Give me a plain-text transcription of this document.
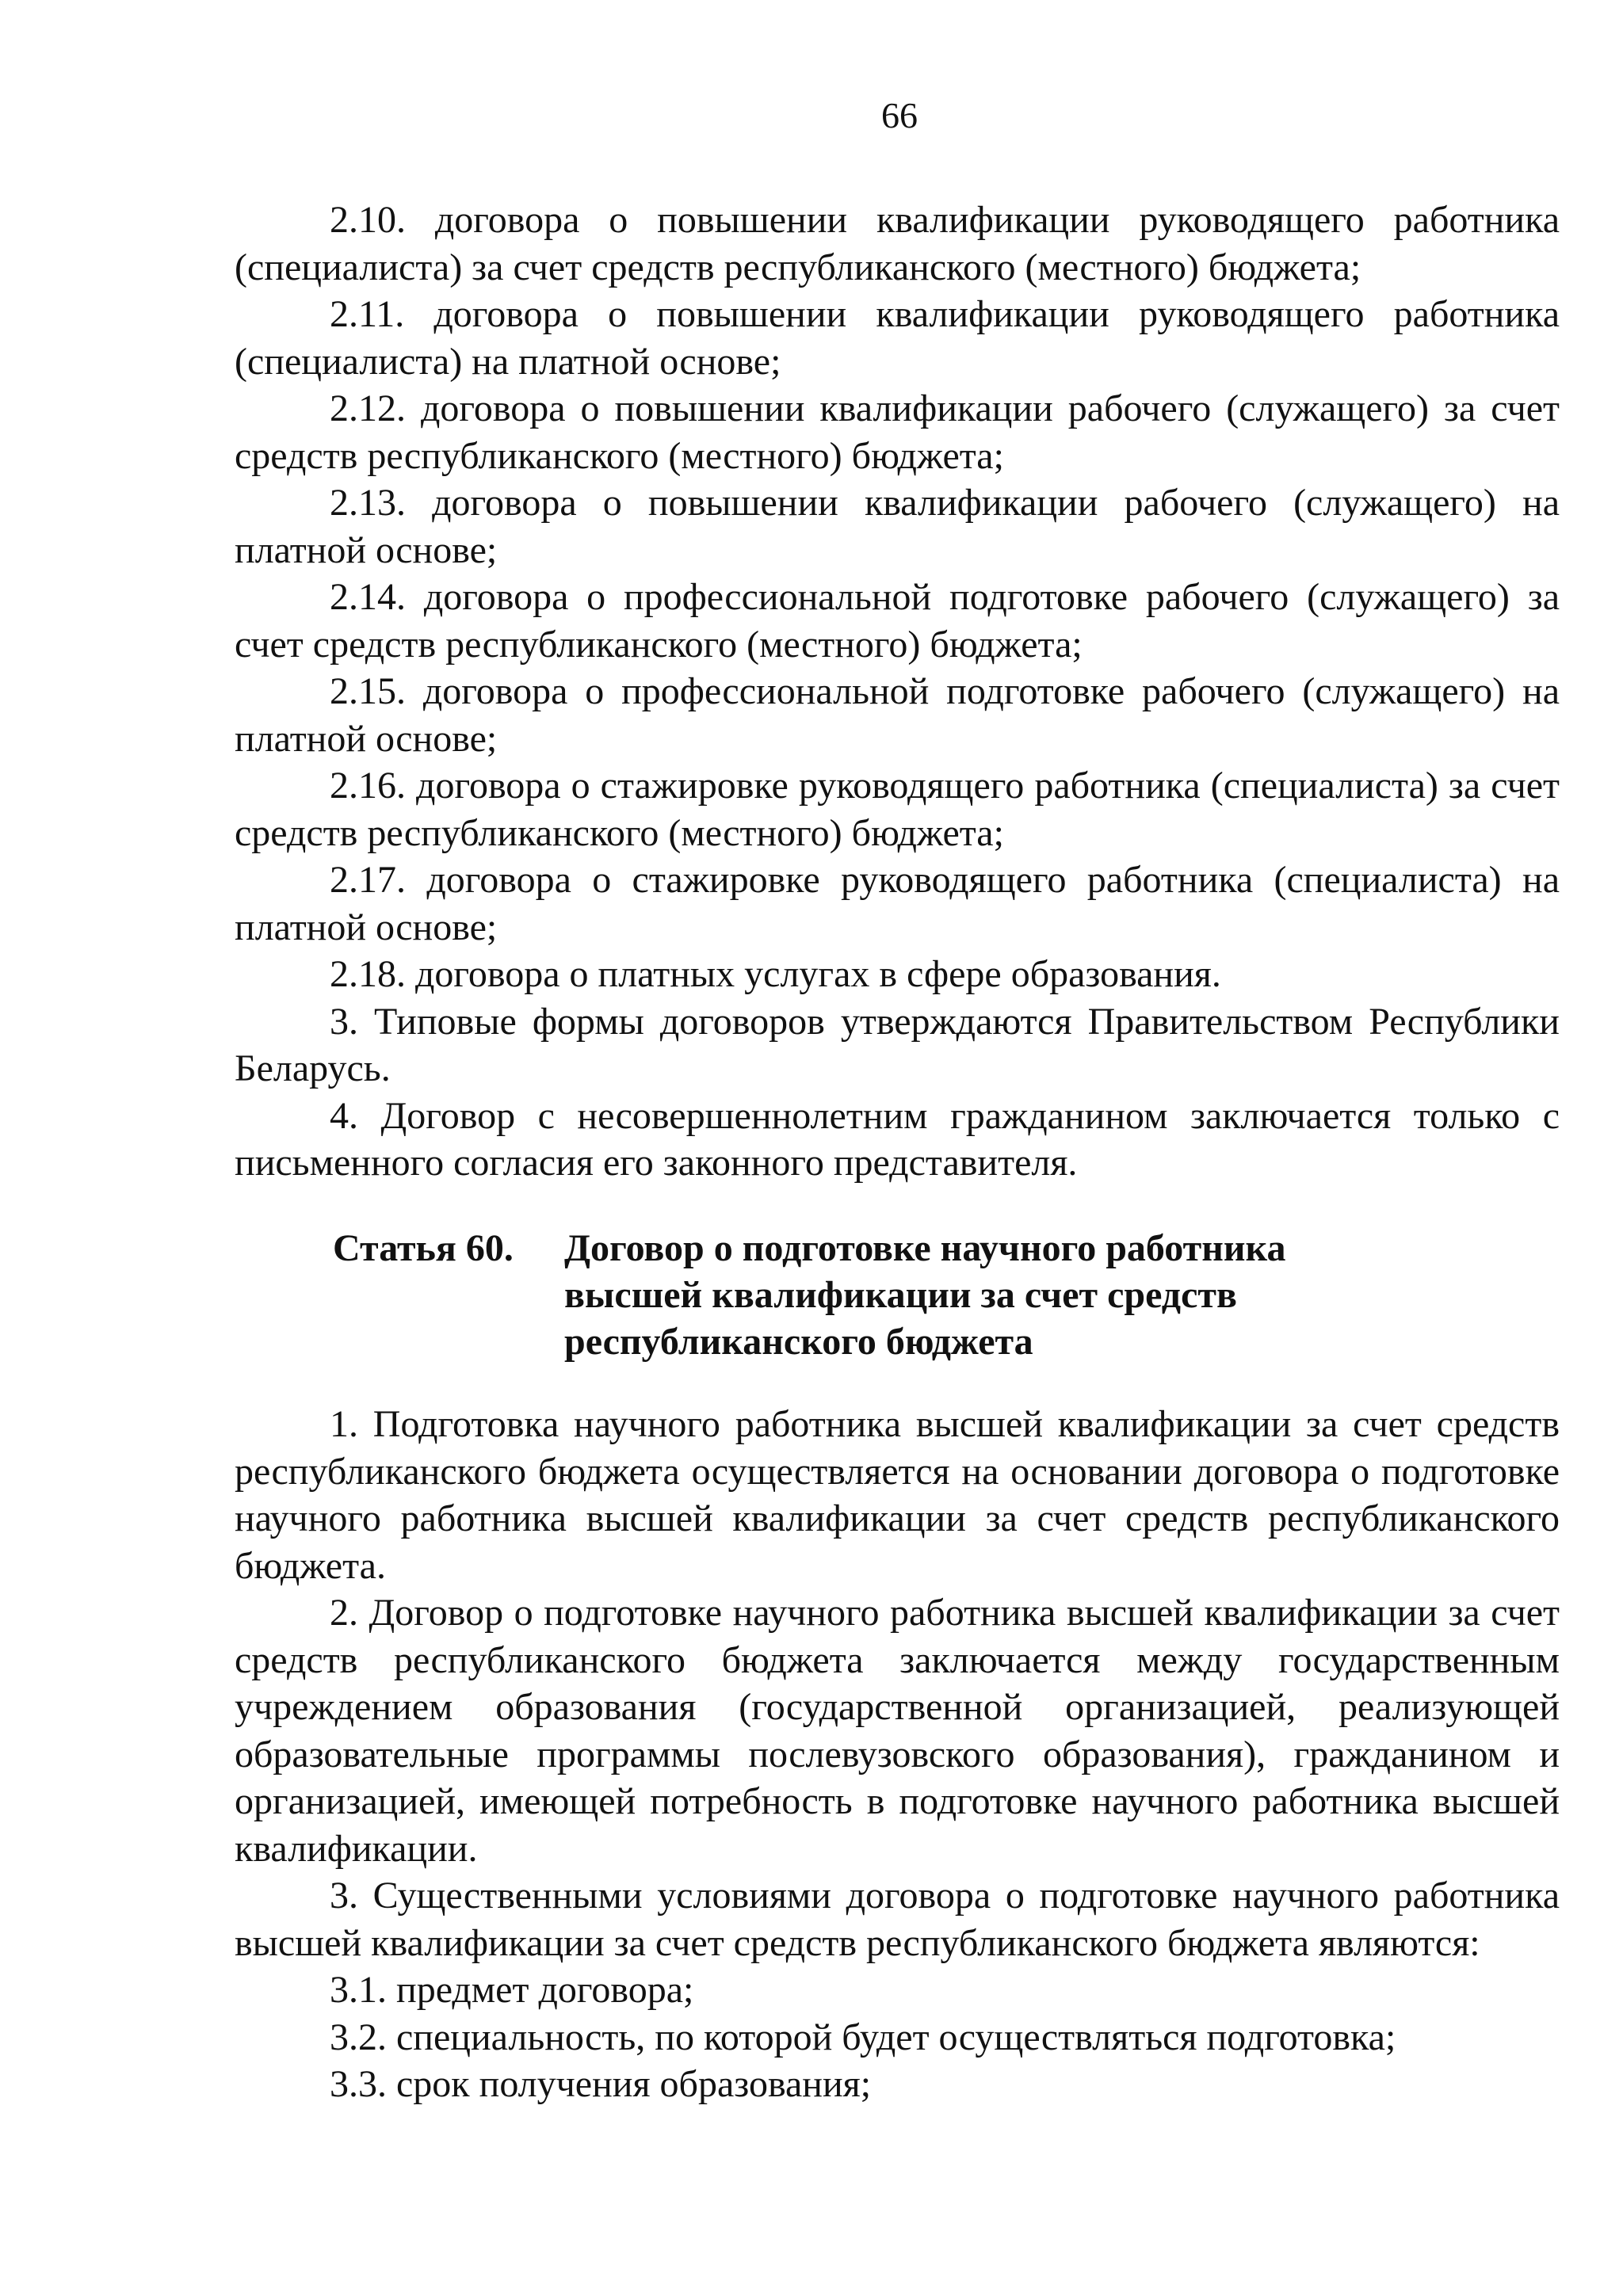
66

2.10. договора о повышении квалификации руководящего работника (специалиста) за счет средств республиканского (местного) бюджета;

2.11. договора о повышении квалификации руководящего работника (специалиста) на платной основе;

2.12. договора о повышении квалификации рабочего (служащего) за счет средств республиканского (местного) бюджета;

2.13. договора о повышении квалификации рабочего (служащего) на платной основе;

2.14. договора о профессиональной подготовке рабочего (служащего) за счет средств республиканского (местного) бюджета;

2.15. договора о профессиональной подготовке рабочего (служащего) на платной основе;

2.16. договора о стажировке руководящего работника (специалиста) за счет средств республиканского (местного) бюджета;

2.17. договора о стажировке руководящего работника (специалиста) на платной основе;

2.18. договора о платных услугах в сфере образования.

3. Типовые формы договоров утверждаются Правительством Республики Беларусь.

4. Договор с несовершеннолетним гражданином заключается только с письменного согласия его законного представителя.

Статья 60. Договор о подготовке научного работника
высшей квалификации за счет средств
республиканского бюджета

1. Подготовка научного работника высшей квалификации за счет средств республиканского бюджета осуществляется на основании договора о подготовке научного работника высшей квалификации за счет средств республиканского бюджета.

2. Договор о подготовке научного работника высшей квалификации за счет средств республиканского бюджета заключается между государственным учреждением образования (государственной организацией, реализующей образовательные программы послевузовского образования), гражданином и организацией, имеющей потребность в подготовке научного работника высшей квалификации.

3. Существенными условиями договора о подготовке научного работника высшей квалификации за счет средств республиканского бюджета являются:

3.1. предмет договора;

3.2. специальность, по которой будет осуществляться подготовка;

3.3. срок получения образования;
